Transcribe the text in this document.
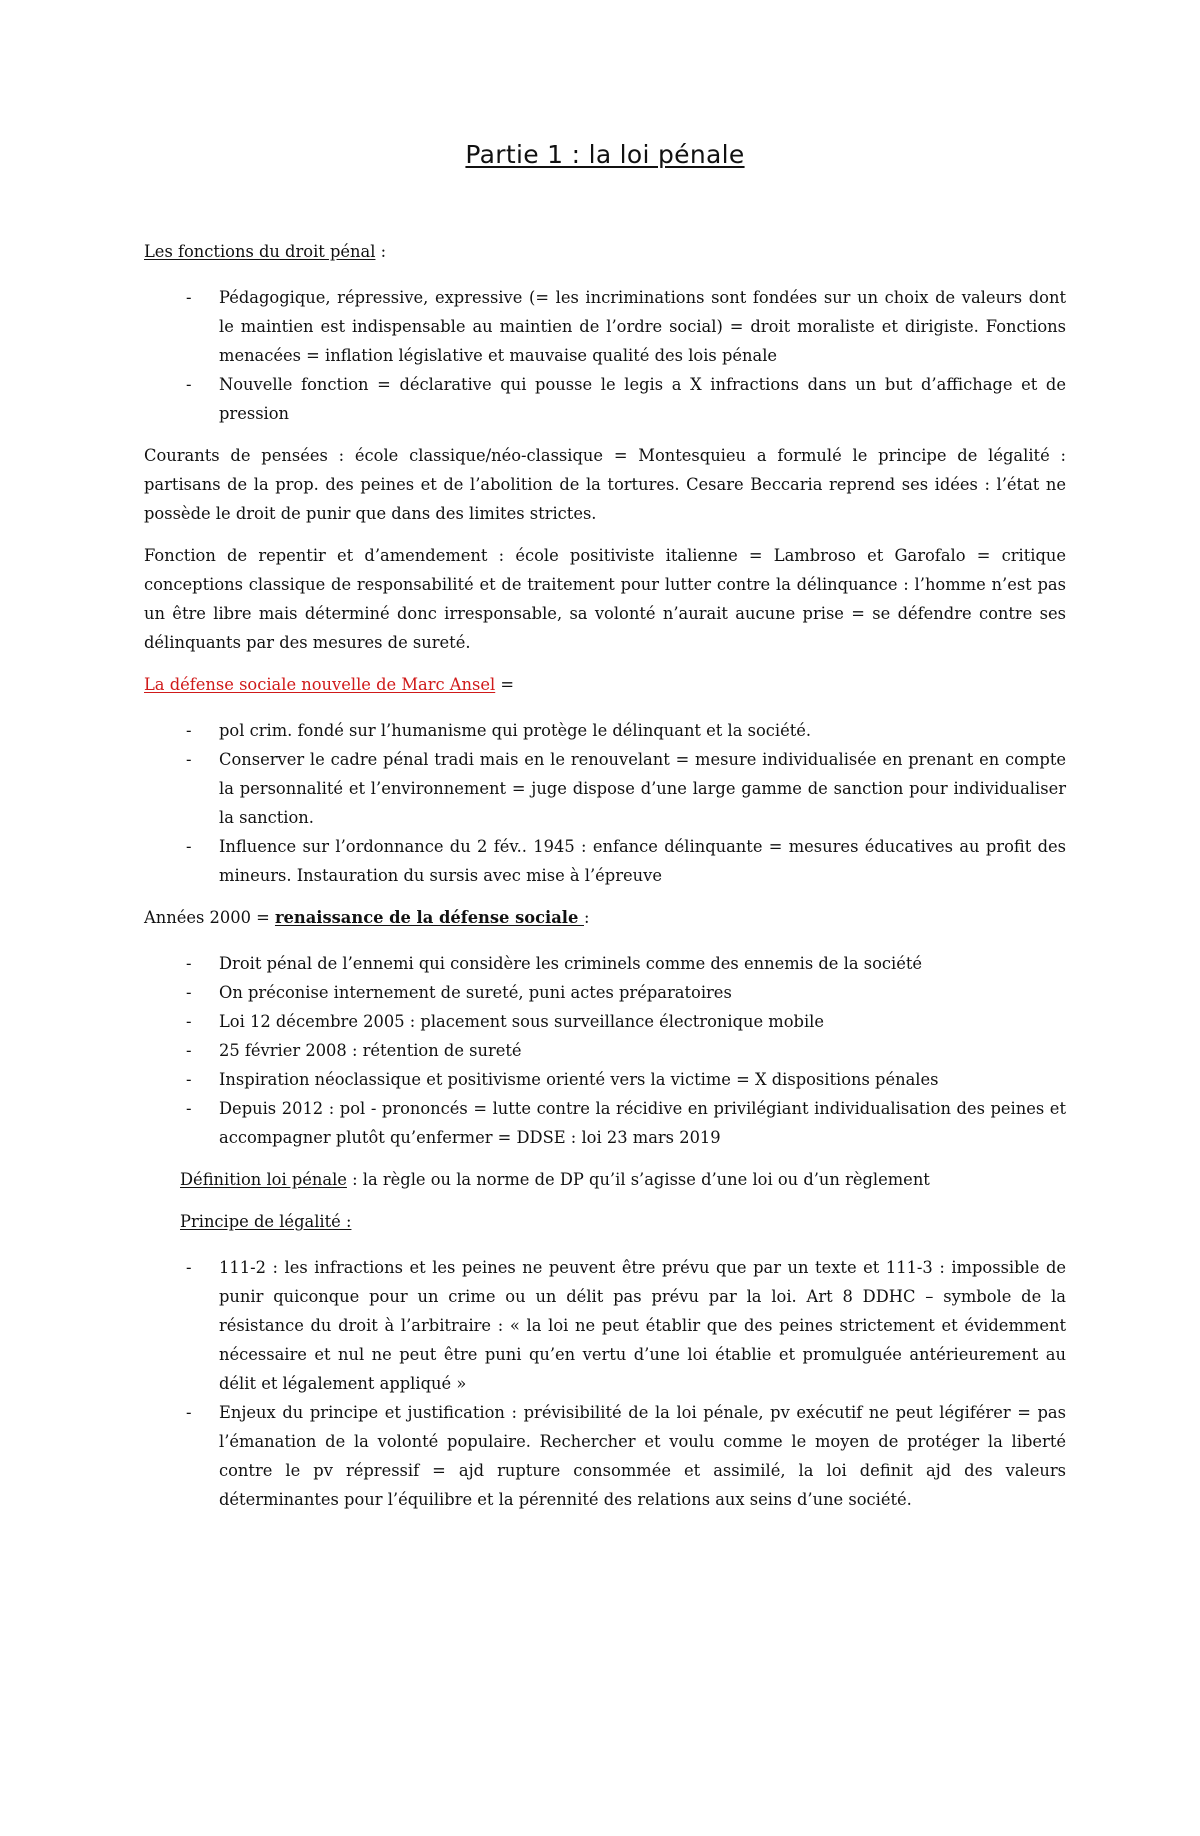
Partie 1 : la loi pénale

Les fonctions du droit pénal :

- Pédagogique, répressive, expressive (= les incriminations sont fondées sur un choix de valeurs dont le maintien est indispensable au maintien de l’ordre social) = droit moraliste et dirigiste. Fonctions menacées = inflation législative et mauvaise qualité des lois pénale
- Nouvelle fonction = déclarative qui pousse le legis a X infractions dans un but d’affichage et de pression

Courants de pensées : école classique/néo-classique = Montesquieu a formulé le principe de légalité : partisans de la prop. des peines et de l’abolition de la tortures. Cesare Beccaria reprend ses idées : l’état ne possède le droit de punir que dans des limites strictes.

Fonction de repentir et d’amendement : école positiviste italienne = Lambroso et Garofalo = critique conceptions classique de responsabilité et de traitement pour lutter contre la délinquance : l’homme n’est pas un être libre mais déterminé donc irresponsable, sa volonté n’aurait aucune prise = se défendre contre ses délinquants par des mesures de sureté.

La défense sociale nouvelle de Marc Ansel =

- pol crim. fondé sur l’humanisme qui protège le délinquant et la société.
- Conserver le cadre pénal tradi mais en le renouvelant = mesure individualisée en prenant en compte la personnalité et l’environnement = juge dispose d’une large gamme de sanction pour individualiser la sanction.
- Influence sur l’ordonnance du 2 fév.. 1945 : enfance délinquante = mesures éducatives au profit des mineurs. Instauration du sursis avec mise à l’épreuve

Années 2000 = renaissance de la défense sociale :

- Droit pénal de l’ennemi qui considère les criminels comme des ennemis de la société
- On préconise internement de sureté, puni actes préparatoires
- Loi 12 décembre 2005 : placement sous surveillance électronique mobile
- 25 février 2008 : rétention de sureté
- Inspiration néoclassique et positivisme orienté vers la victime = X dispositions pénales
- Depuis 2012 : pol - prononcés = lutte contre la récidive en privilégiant individualisation des peines et accompagner plutôt qu’enfermer = DDSE : loi 23 mars 2019

Définition loi pénale : la règle ou la norme de DP qu’il s’agisse d’une loi ou d’un règlement

Principe de légalité :

- 111-2 : les infractions et les peines ne peuvent être prévu que par un texte et 111-3 : impossible de punir quiconque pour un crime ou un délit pas prévu par la loi. Art 8 DDHC – symbole de la résistance du droit à l’arbitraire : « la loi ne peut établir que des peines strictement et évidemment nécessaire et nul ne peut être puni qu’en vertu d’une loi établie et promulguée antérieurement au délit et légalement appliqué »
- Enjeux du principe et justification : prévisibilité de la loi pénale, pv exécutif ne peut légiférer = pas l’émanation de la volonté populaire. Rechercher et voulu comme le moyen de protéger la liberté contre le pv répressif = ajd rupture consommée et assimilé, la loi definit ajd des valeurs déterminantes pour l’équilibre et la pérennité des relations aux seins d’une société.
